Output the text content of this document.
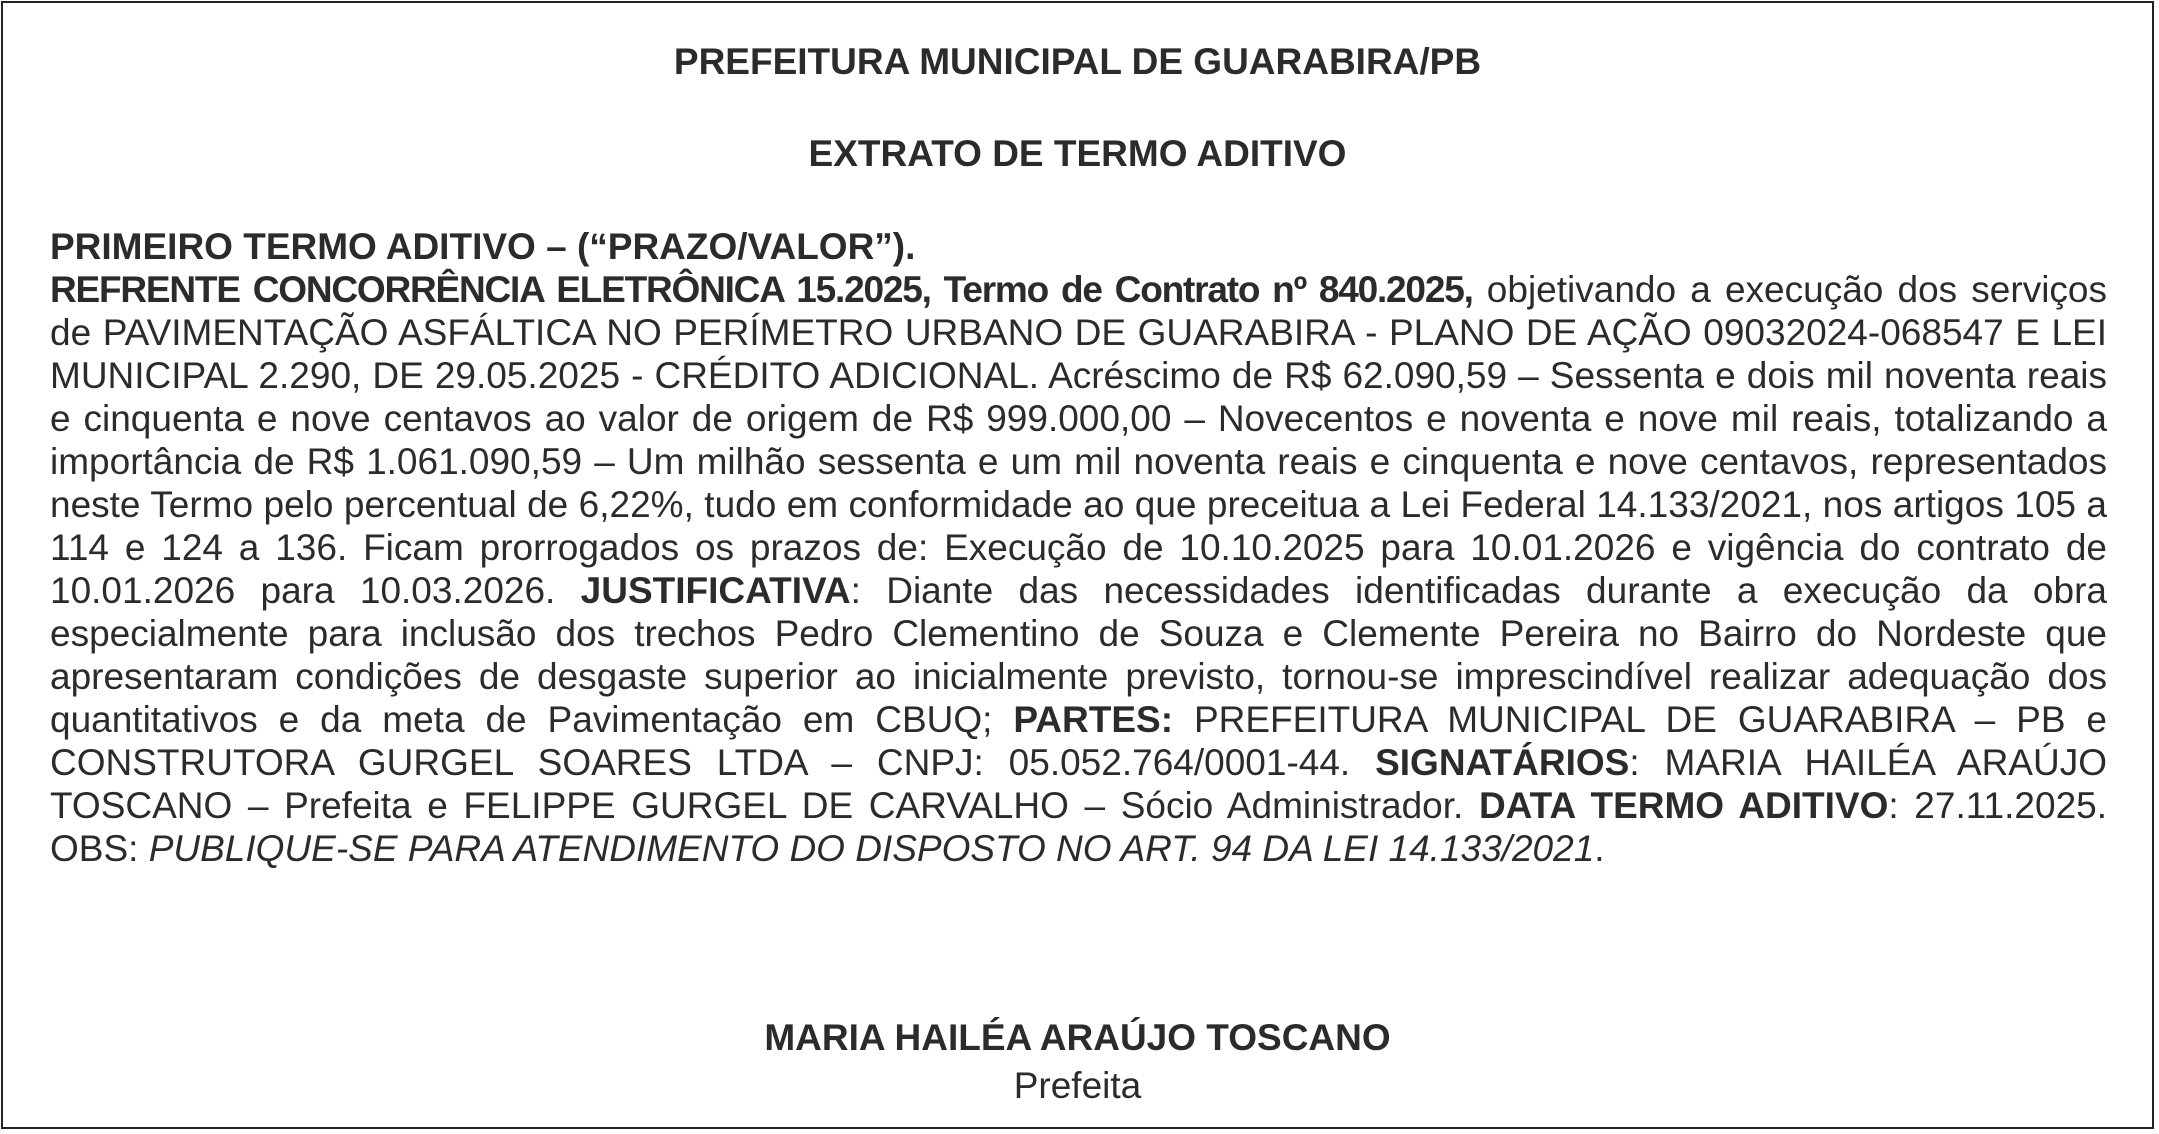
PREFEITURA MUNICIPAL DE GUARABIRA/PB
EXTRATO DE TERMO ADITIVO

PRIMEIRO TERMO ADITIVO – (“PRAZO/VALOR”).

REFRENTE CONCORRÊNCIA ELETRÔNICA 15.2025, Termo de Contrato nº 840.2025, objetivando a execução dos serviços de PAVIMENTAÇÃO ASFÁLTICA NO PERÍMETRO URBANO DE GUARABIRA - PLANO DE AÇÃO 09032024-068547 E LEI MUNICIPAL 2.290, DE 29.05.2025 - CRÉDITO ADICIONAL. Acréscimo de R$ 62.090,59 – Sessenta e dois mil noventa reais e cinquenta e nove centavos ao valor de origem de R$ 999.000,00 – Novecentos e noventa e nove mil reais, totalizando a importância de R$ 1.061.090,59 – Um milhão sessenta e um mil noventa reais e cinquenta e nove centavos, representados neste Termo pelo percentual de 6,22%, tudo em conformidade ao que preceitua a Lei Federal 14.133/2021, nos artigos 105 a 114 e 124 a 136. Ficam prorrogados os prazos de: Execução de 10.10.2025 para 10.01.2026 e vigência do contrato de 10.01.2026 para 10.03.2026. JUSTIFICATIVA: Diante das necessidades identificadas durante a execução da obra especialmente para inclusão dos trechos Pedro Clementino de Souza e Clemente Pereira no Bairro do Nordeste que apresentaram condições de desgaste superior ao inicialmente previsto, tornou-se imprescindível realizar adequação dos quantitativos e da meta de Pavimentação em CBUQ; PARTES: PREFEITURA MUNICIPAL DE GUARABIRA – PB e CONSTRUTORA GURGEL SOARES LTDA – CNPJ: 05.052.764/0001-44. SIGNATÁRIOS: MARIA HAILÉA ARAÚJO TOSCANO – Prefeita e FELIPPE GURGEL DE CARVALHO – Sócio Administrador. DATA TERMO ADITIVO: 27.11.2025. OBS: PUBLIQUE-SE PARA ATENDIMENTO DO DISPOSTO NO ART. 94 DA LEI 14.133/2021.

MARIA HAILÉA ARAÚJO TOSCANO
Prefeita
